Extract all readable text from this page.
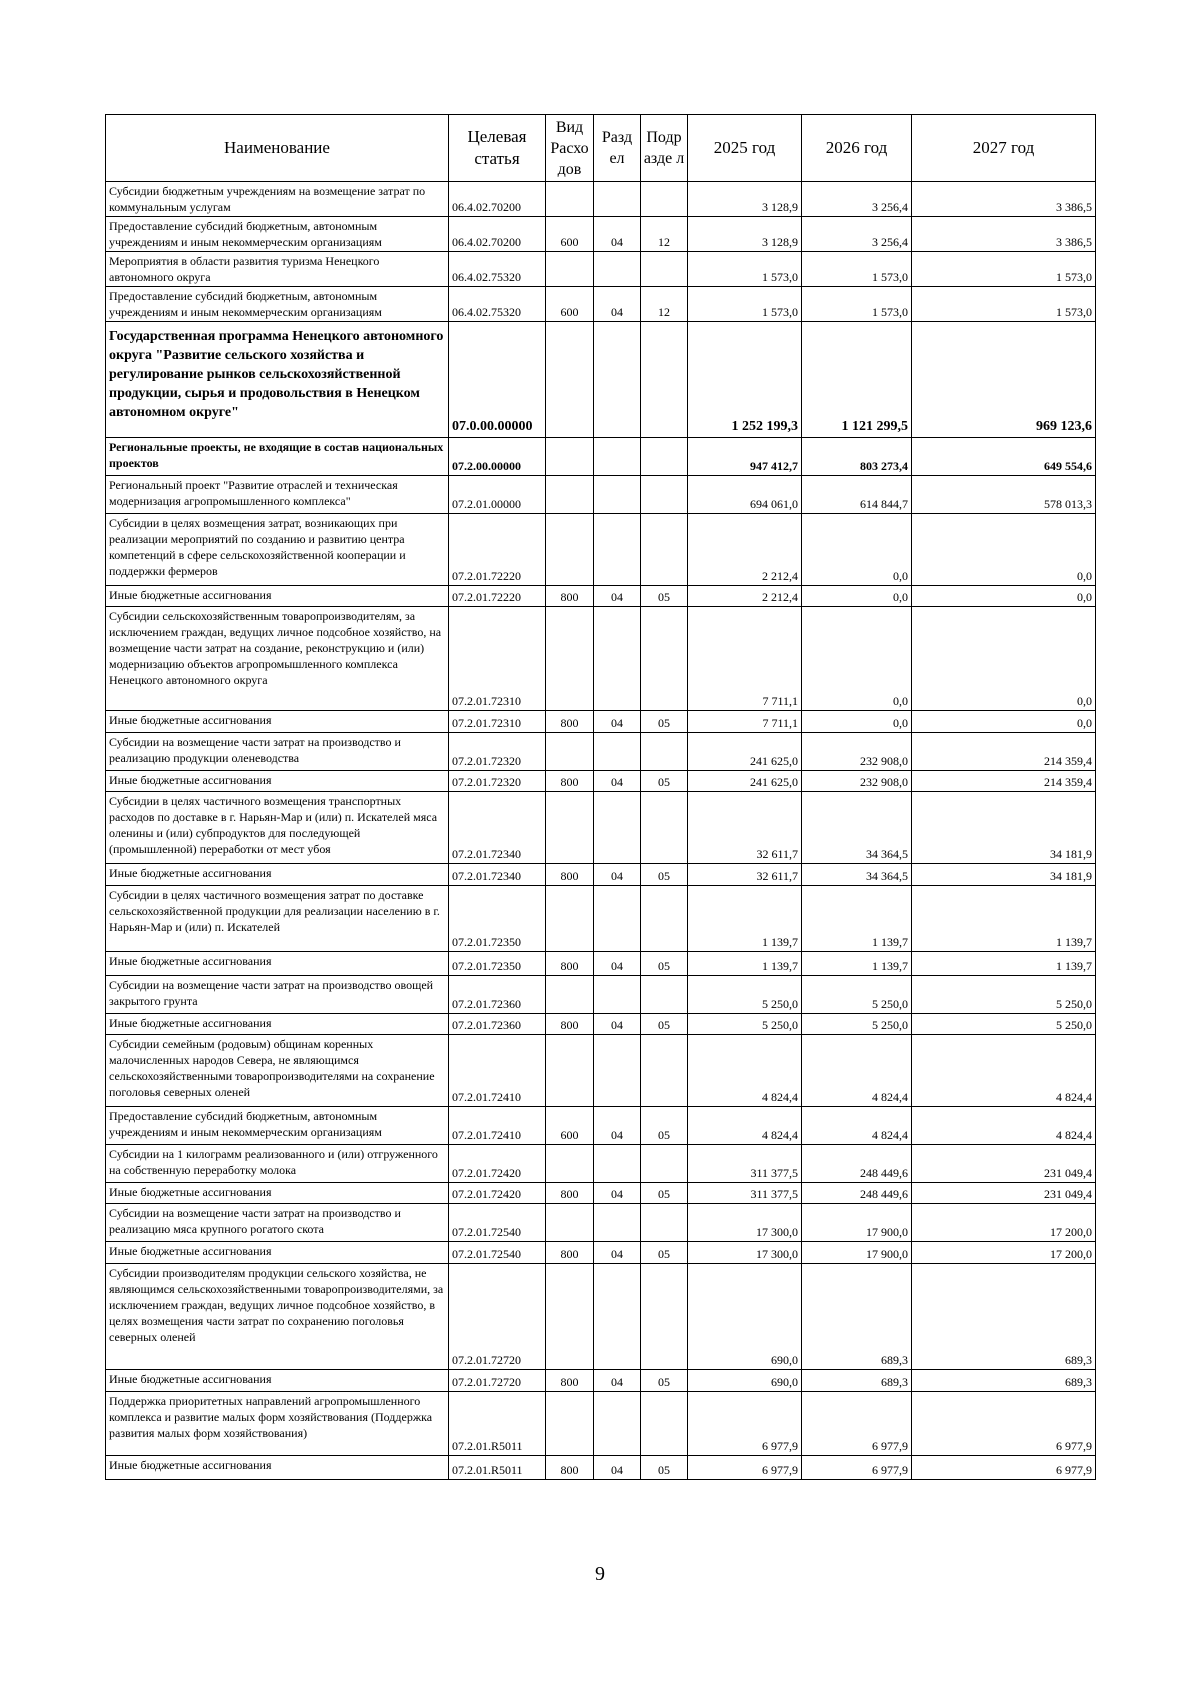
Наименование	Целевая статья	Вид Расхо дов	Разд ел	Подр азде л	2025 год	2026 год	2027 год
Субсидии бюджетным учреждениям на возмещение затрат по коммунальным услугам	06.4.02.70200				3 128,9	3 256,4	3 386,5
Предоставление субсидий бюджетным, автономным учреждениям и иным некоммерческим организациям	06.4.02.70200	600	04	12	3 128,9	3 256,4	3 386,5
Мероприятия в области развития туризма Ненецкого автономного округа	06.4.02.75320				1 573,0	1 573,0	1 573,0
Предоставление субсидий бюджетным, автономным учреждениям и иным некоммерческим организациям	06.4.02.75320	600	04	12	1 573,0	1 573,0	1 573,0
Государственная программа Ненецкого автономного округа "Развитие сельского хозяйства и регулирование рынков сельскохозяйственной продукции, сырья и продовольствия в Ненецком автономном округе"	07.0.00.00000				1 252 199,3	1 121 299,5	969 123,6
Региональные проекты, не входящие в состав национальных проектов	07.2.00.00000				947 412,7	803 273,4	649 554,6
Региональный проект "Развитие отраслей и техническая модернизация агропромышленного комплекса"	07.2.01.00000				694 061,0	614 844,7	578 013,3
Субсидии в целях возмещения затрат, возникающих при реализации мероприятий по созданию и развитию центра компетенций в сфере сельскохозяйственной кооперации и поддержки фермеров	07.2.01.72220				2 212,4	0,0	0,0
Иные бюджетные ассигнования	07.2.01.72220	800	04	05	2 212,4	0,0	0,0
Субсидии сельскохозяйственным товаропроизводителям, за исключением граждан, ведущих личное подсобное хозяйство, на возмещение части затрат на создание, реконструкцию и (или) модернизацию объектов агропромышленного комплекса Ненецкого автономного округа	07.2.01.72310				7 711,1	0,0	0,0
Иные бюджетные ассигнования	07.2.01.72310	800	04	05	7 711,1	0,0	0,0
Субсидии на возмещение части затрат на производство и реализацию продукции оленеводства	07.2.01.72320				241 625,0	232 908,0	214 359,4
Иные бюджетные ассигнования	07.2.01.72320	800	04	05	241 625,0	232 908,0	214 359,4
Субсидии в целях частичного возмещения транспортных расходов по доставке в г. Нарьян-Мар и (или) п. Искателей мяса оленины и (или) субпродуктов для последующей (промышленной) переработки от мест убоя	07.2.01.72340				32 611,7	34 364,5	34 181,9
Иные бюджетные ассигнования	07.2.01.72340	800	04	05	32 611,7	34 364,5	34 181,9
Субсидии в целях частичного возмещения затрат по доставке сельскохозяйственной продукции для реализации населению в г. Нарьян-Мар и (или) п. Искателей	07.2.01.72350				1 139,7	1 139,7	1 139,7
Иные бюджетные ассигнования	07.2.01.72350	800	04	05	1 139,7	1 139,7	1 139,7
Субсидии на возмещение части затрат на производство овощей закрытого грунта	07.2.01.72360				5 250,0	5 250,0	5 250,0
Иные бюджетные ассигнования	07.2.01.72360	800	04	05	5 250,0	5 250,0	5 250,0
Субсидии семейным (родовым) общинам коренных малочисленных народов Севера, не являющимся сельскохозяйственными товаропроизводителями на сохранение поголовья северных оленей	07.2.01.72410				4 824,4	4 824,4	4 824,4
Предоставление субсидий бюджетным, автономным учреждениям и иным некоммерческим организациям	07.2.01.72410	600	04	05	4 824,4	4 824,4	4 824,4
Субсидии на 1 килограмм реализованного и (или) отгруженного на собственную переработку молока	07.2.01.72420				311 377,5	248 449,6	231 049,4
Иные бюджетные ассигнования	07.2.01.72420	800	04	05	311 377,5	248 449,6	231 049,4
Субсидии на возмещение части затрат на производство и реализацию мяса крупного рогатого скота	07.2.01.72540				17 300,0	17 900,0	17 200,0
Иные бюджетные ассигнования	07.2.01.72540	800	04	05	17 300,0	17 900,0	17 200,0
Субсидии производителям продукции сельского хозяйства, не являющимся сельскохозяйственными товаропроизводителями, за исключением граждан, ведущих личное подсобное хозяйство, в целях возмещения части затрат по сохранению поголовья северных оленей	07.2.01.72720				690,0	689,3	689,3
Иные бюджетные ассигнования	07.2.01.72720	800	04	05	690,0	689,3	689,3
Поддержка приоритетных направлений агропромышленного комплекса и развитие малых форм хозяйствования (Поддержка развития малых форм хозяйствования)	07.2.01.R5011				6 977,9	6 977,9	6 977,9
Иные бюджетные ассигнования	07.2.01.R5011	800	04	05	6 977,9	6 977,9	6 977,9
9
